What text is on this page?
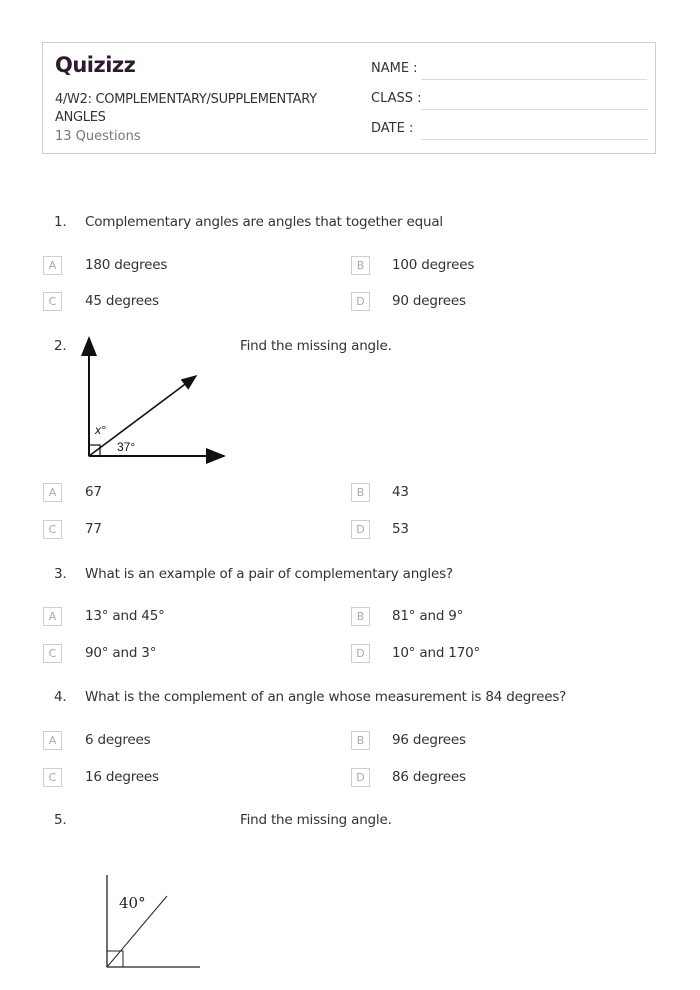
Quizizz
4/W2: COMPLEMENTARY/SUPPLEMENTARY ANGLES
13 Questions
NAME :
CLASS :
DATE :
1. Complementary angles are angles that together equal
A	180 degrees	B	100 degrees
C	45 degrees	D	90 degrees
2.
x°
37°
Find the missing angle.
A	67	B	43
C	77	D	53
3. What is an example of a pair of complementary angles?
A	13° and 45°	B	81° and 9°
C	90° and 3°	D	10° and 170°
4. What is the complement of an angle whose measurement is 84 degrees?
A	6 degrees	B	96 degrees
C	16 degrees	D	86 degrees
5.	Find the missing angle.
40°
